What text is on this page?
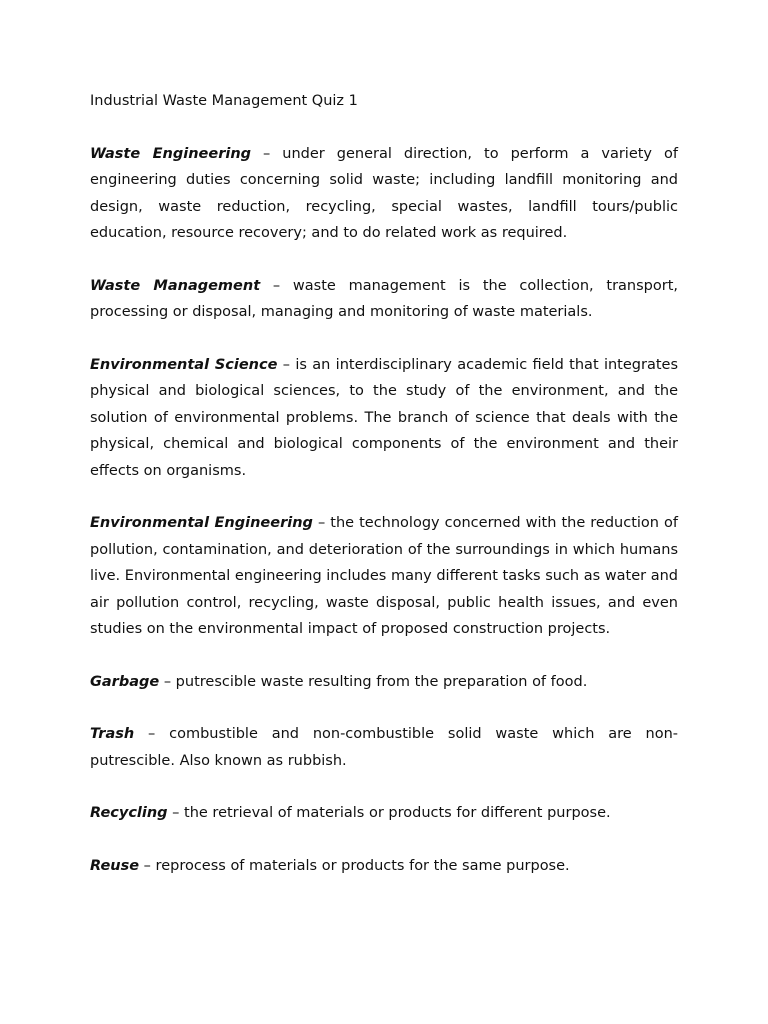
Industrial Waste Management Quiz 1

Waste Engineering – under general direction, to perform a variety of engineering duties concerning solid waste; including landfill monitoring and design, waste reduction, recycling, special wastes, landfill tours/public education, resource recovery; and to do related work as required.

Waste Management – waste management is the collection, transport, processing or disposal, managing and monitoring of waste materials.

Environmental Science – is an interdisciplinary academic field that integrates physical and biological sciences, to the study of the environment, and the solution of environmental problems. The branch of science that deals with the physical, chemical and biological components of the environment and their effects on organisms.

Environmental Engineering – the technology concerned with the reduction of pollution, contamination, and deterioration of the surroundings in which humans live. Environmental engineering includes many different tasks such as water and air pollution control, recycling, waste disposal, public health issues, and even studies on the environmental impact of proposed construction projects.

Garbage – putrescible waste resulting from the preparation of food.

Trash – combustible and non-combustible solid waste which are non-putrescible. Also known as rubbish.

Recycling – the retrieval of materials or products for different purpose.

Reuse – reprocess of materials or products for the same purpose.
